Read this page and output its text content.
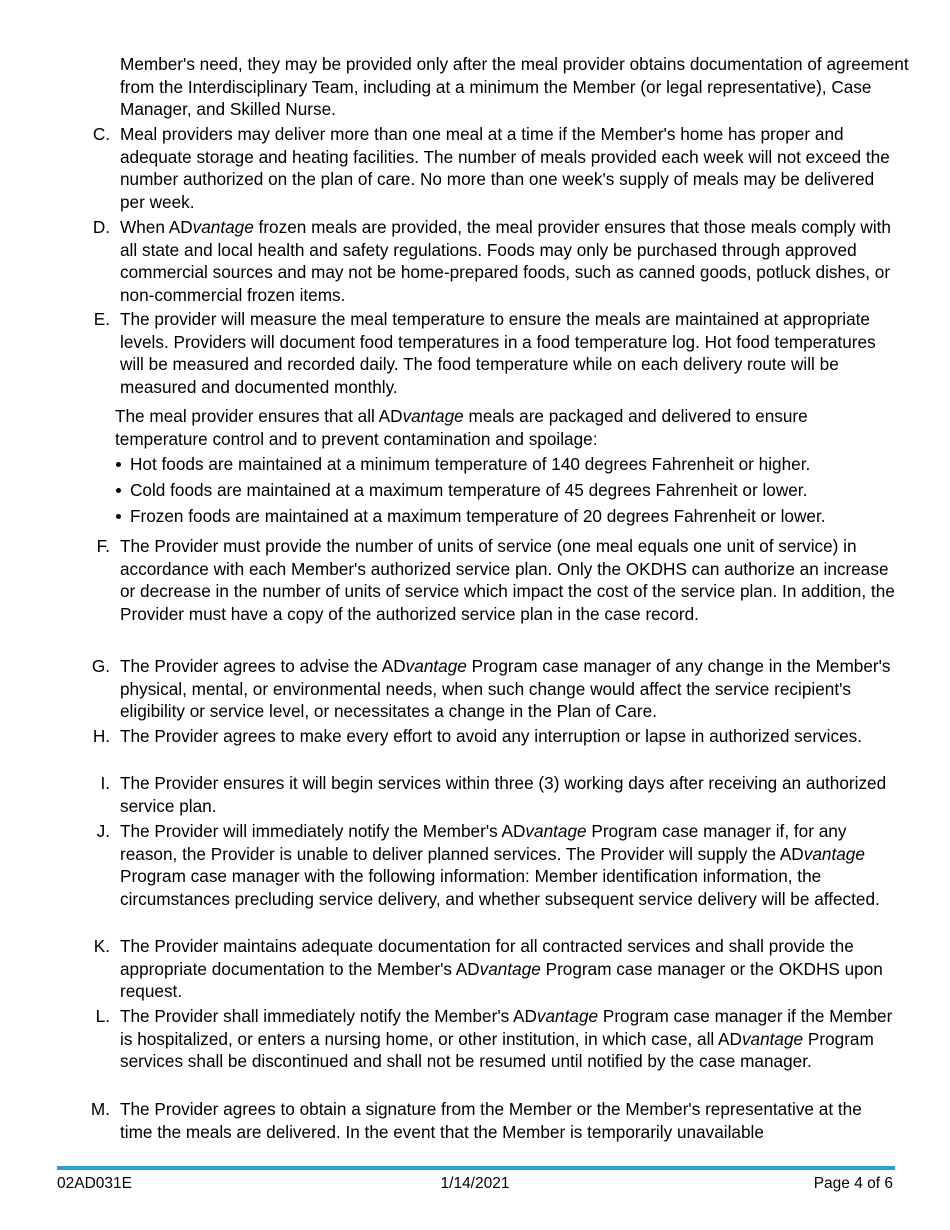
Member's need, they may be provided only after the meal provider obtains documentation of agreement from the Interdisciplinary Team, including at a minimum the Member (or legal representative), Case Manager, and Skilled Nurse.
C. Meal providers may deliver more than one meal at a time if the Member's home has proper and adequate storage and heating facilities. The number of meals provided each week will not exceed the number authorized on the plan of care. No more than one week's supply of meals may be delivered per week.
D. When ADvantage frozen meals are provided, the meal provider ensures that those meals comply with all state and local health and safety regulations. Foods may only be purchased through approved commercial sources and may not be home-prepared foods, such as canned goods, potluck dishes, or non-commercial frozen items.
E. The provider will measure the meal temperature to ensure the meals are maintained at appropriate levels. Providers will document food temperatures in a food temperature log. Hot food temperatures will be measured and recorded daily. The food temperature while on each delivery route will be measured and documented monthly.
The meal provider ensures that all ADvantage meals are packaged and delivered to ensure temperature control and to prevent contamination and spoilage:
Hot foods are maintained at a minimum temperature of 140 degrees Fahrenheit or higher.
Cold foods are maintained at a maximum temperature of 45 degrees Fahrenheit or lower.
Frozen foods are maintained at a maximum temperature of 20 degrees Fahrenheit or lower.
F. The Provider must provide the number of units of service (one meal equals one unit of service) in accordance with each Member's authorized service plan. Only the OKDHS can authorize an increase or decrease in the number of units of service which impact the cost of the service plan. In addition, the Provider must have a copy of the authorized service plan in the case record.
G. The Provider agrees to advise the ADvantage Program case manager of any change in the Member's physical, mental, or environmental needs, when such change would affect the service recipient's eligibility or service level, or necessitates a change in the Plan of Care.
H. The Provider agrees to make every effort to avoid any interruption or lapse in authorized services.
I. The Provider ensures it will begin services within three (3) working days after receiving an authorized service plan.
J. The Provider will immediately notify the Member's ADvantage Program case manager if, for any reason, the Provider is unable to deliver planned services. The Provider will supply the ADvantage Program case manager with the following information: Member identification information, the circumstances precluding service delivery, and whether subsequent service delivery will be affected.
K. The Provider maintains adequate documentation for all contracted services and shall provide the appropriate documentation to the Member's ADvantage Program case manager or the OKDHS upon request.
L. The Provider shall immediately notify the Member's ADvantage Program case manager if the Member is hospitalized, or enters a nursing home, or other institution, in which case, all ADvantage Program services shall be discontinued and shall not be resumed until notified by the case manager.
M. The Provider agrees to obtain a signature from the Member or the Member's representative at the time the meals are delivered. In the event that the Member is temporarily unavailable
02AD031E	1/14/2021	Page 4 of 6
